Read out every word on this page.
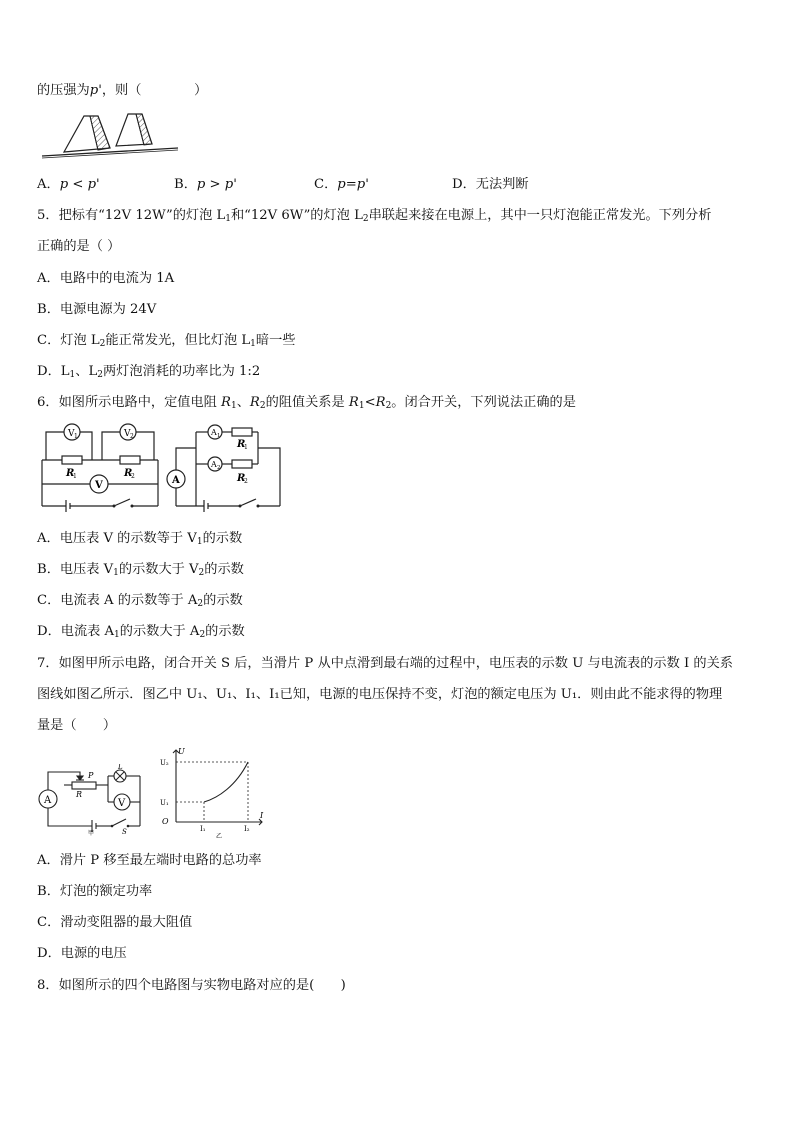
的压强为p'，则（　　　　）
A．p < p'	B．p > p'	C．p=p'	D．无法判断
5．把标有“12V 12W”的灯泡 $L_1$和“12V 6W”的灯泡 $L_2$串联起来接在电源上，其中一只灯泡能正常发光。下列分析
正确的是（ ）
A．电路中的电流为 1A
B．电源电源为 24V
C．灯泡 $L_2$能正常发光，但比灯泡 $L_1$暗一些
D．$L_1$、$L_2$两灯泡消耗的功率比为 1:2
6．如图所示电路中，定值电阻 $R_1$、$R_2$的阻值关系是 $R_1<R_2$。闭合开关，下列说法正确的是
V 1	V 2
V
R
1	R
2
A 1
A 2
A
R
1
R
2
A．电压表 V 的示数等于 $V_1$的示数
B．电压表 $V_1$的示数大于 $V_2$的示数
C．电流表 A 的示数等于 $A_2$的示数
D．电流表 $A_1$的示数大于 $A_2$的示数
7．如图甲所示电路，闭合开关 S 后，当滑片 P 从中点滑到最右端的过程中，电压表的示数 U 与电流表的示数 I 的关系
图线如图乙所示．图乙中 U₁、U₁、I₁、I₁已知，电源的电压保持不变，灯泡的额定电压为 U₁．则由此不能求得的物理
量是（　　）
A
P
R
L
V
S
甲
U
I
O
U₂
U₁
I₁	I₂
乙
A．滑片 P 移至最左端时电路的总功率
B．灯泡的额定功率
C．滑动变阻器的最大阻值
D．电源的电压
8．如图所示的四个电路图与实物电路对应的是(　　)
